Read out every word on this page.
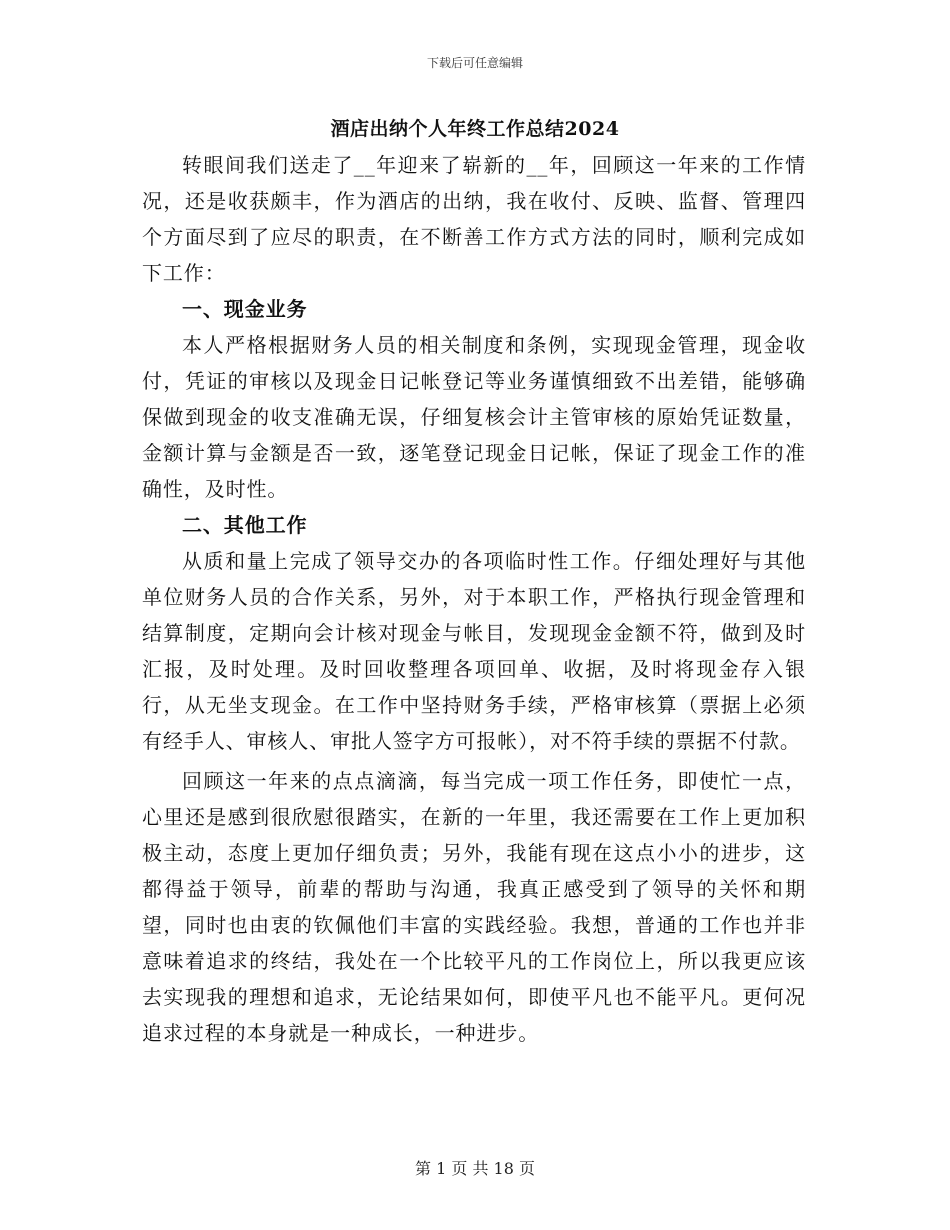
下载后可任意编辑
酒店出纳个人年终工作总结2024

转眼间我们送走了__年迎来了崭新的__年，回顾这一年来的工作情况，还是收获颇丰，作为酒店的出纳，我在收付、反映、监督、管理四个方面尽到了应尽的职责，在不断善工作方式方法的同时，顺利完成如下工作：

一、现金业务

本人严格根据财务人员的相关制度和条例，实现现金管理，现金收付，凭证的审核以及现金日记帐登记等业务谨慎细致不出差错，能够确保做到现金的收支准确无误，仔细复核会计主管审核的原始凭证数量，金额计算与金额是否一致，逐笔登记现金日记帐，保证了现金工作的准确性，及时性。

二、其他工作

从质和量上完成了领导交办的各项临时性工作。仔细处理好与其他单位财务人员的合作关系，另外，对于本职工作，严格执行现金管理和结算制度，定期向会计核对现金与帐目，发现现金金额不符，做到及时汇报，及时处理。及时回收整理各项回单、收据，及时将现金存入银行，从无坐支现金。在工作中坚持财务手续，严格审核算（票据上必须有经手人、审核人、审批人签字方可报帐），对不符手续的票据不付款。

回顾这一年来的点点滴滴，每当完成一项工作任务，即使忙一点，心里还是感到很欣慰很踏实，在新的一年里，我还需要在工作上更加积极主动，态度上更加仔细负责；另外，我能有现在这点小小的进步，这都得益于领导，前辈的帮助与沟通，我真正感受到了领导的关怀和期望，同时也由衷的钦佩他们丰富的实践经验。我想，普通的工作也并非意味着追求的终结，我处在一个比较平凡的工作岗位上，所以我更应该去实现我的理想和追求，无论结果如何，即使平凡也不能平凡。更何况追求过程的本身就是一种成长，一种进步。

第 1 页 共 18 页
